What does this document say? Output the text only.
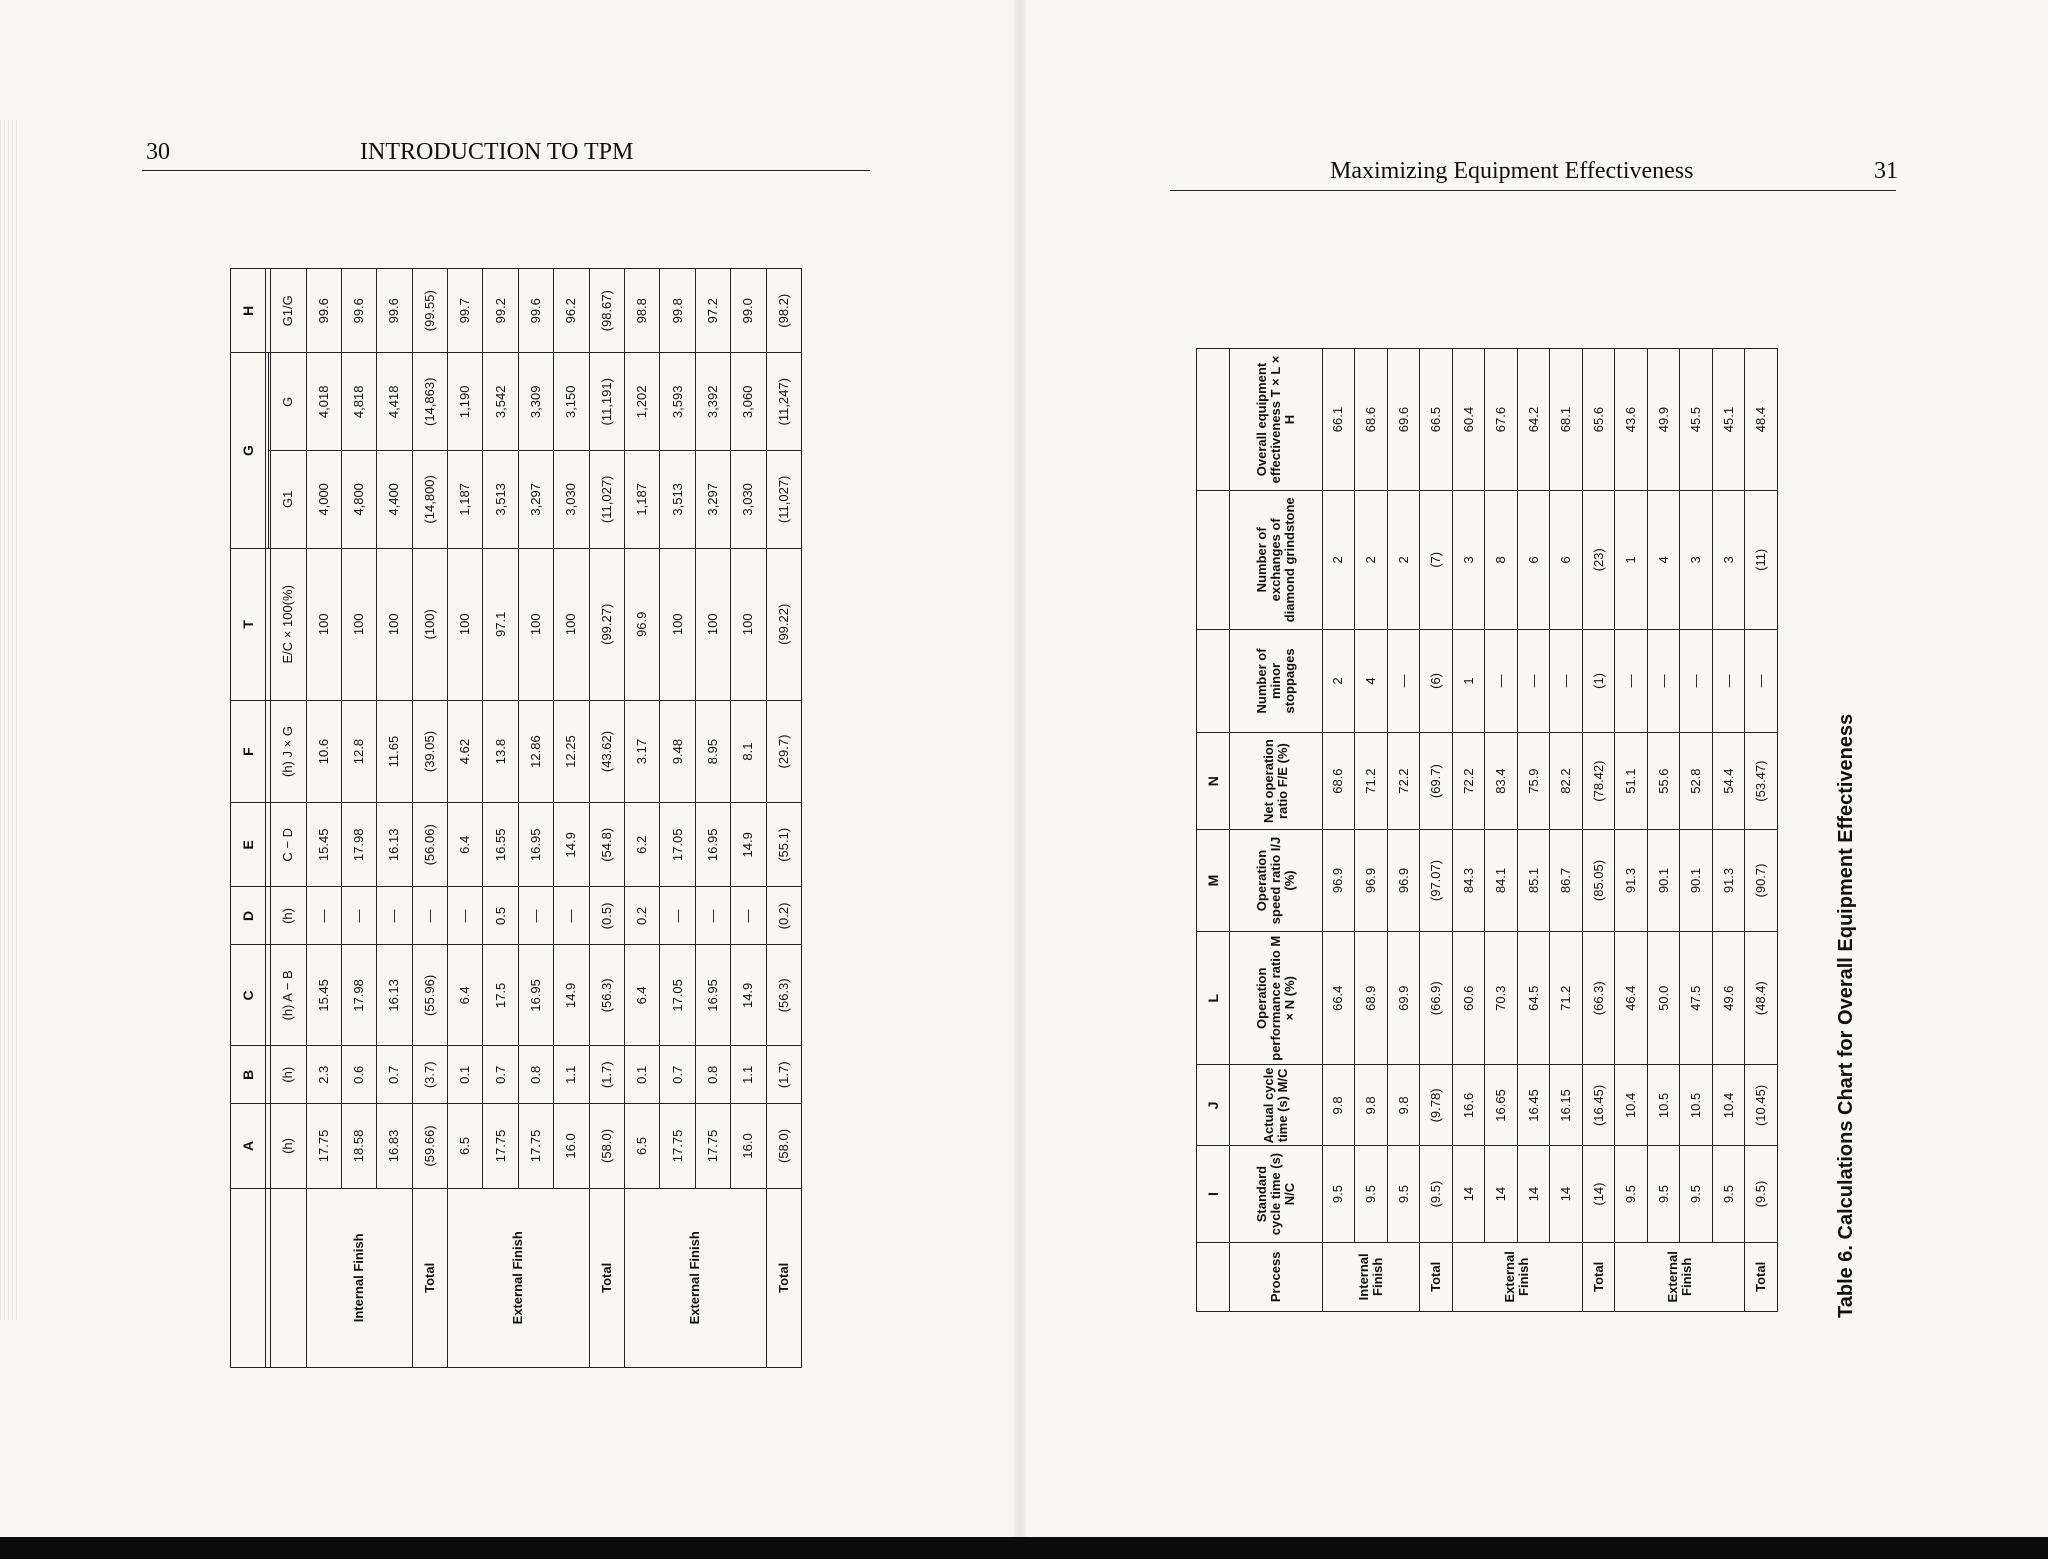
30	INTRODUCTION TO TPM
Maximizing Equipment Effectiveness	31
	A	B	C	D	E	F	T	G		H

	(h)	(h)	(h) A − B	(h)	C − D	(h) J × G	E/C × 100(%)	G1	G	G1/G
Internal Finish	17.75	2.3	15.45	—	15.45	10.6	100	4,000	4,018	99.6
	18.58	0.6	17.98	—	17.98	12.8	100	4,800	4,818	99.6
	16.83	0.7	16.13	—	16.13	11.65	100	4,400	4,418	99.6
Total	(59.66)	(3.7)	(55.96)	—	(56.06)	(39.05)	(100)	(14,800)	(14,863)	(99.55)
External Finish	6.5	0.1	6.4	—	6.4	4.62	100	1,187	1,190	99.7
	17.75	0.7	17.5	0.5	16.55	13.8	97.1	3,513	3,542	99.2
	17.75	0.8	16.95	—	16.95	12.86	100	3,297	3,309	99.6
	16.0	1.1	14.9	—	14.9	12.25	100	3,030	3,150	96.2
Total	(58.0)	(1.7)	(56.3)	(0.5)	(54.8)	(43.62)	(99.27)	(11,027)	(11,191)	(98.67)
External Finish	6.5	0.1	6.4	0.2	6.2	3.17	96.9	1,187	1,202	98.8
	17.75	0.7	17.05	—	17.05	9.48	100	3,513	3,593	99.8
	17.75	0.8	16.95	—	16.95	8.95	100	3,297	3,392	97.2
	16.0	1.1	14.9	—	14.9	8.1	100	3,030	3,060	99.0
Total	(58.0)	(1.7)	(56.3)	(0.2)	(55.1)	(29.7)	(99.22)	(11,027)	(11,247)	(98.2)
	I	J	L	M	N			
Process	Standard cycle time (s) N/C	Actual cycle time (s) M/C	Operation performance ratio M × N (%)	Operation speed ratio I/J (%)	Net operation ratio F/E (%)	Number of minor stoppages	Number of exchanges of diamond grindstone	Overall equipment effectiveness T × L × H
Internal Finish	9.5	9.8	66.4	96.9	68.6	2	2	66.1
	9.5	9.8	68.9	96.9	71.2	4	2	68.6
	9.5	9.8	69.9	96.9	72.2	—	2	69.6
Total	(9.5)	(9.78)	(66.9)	(97.07)	(69.7)	(6)	(7)	66.5
External Finish	14	16.6	60.6	84.3	72.2	1	3	60.4
	14	16.65	70.3	84.1	83.4	—	8	67.6
	14	16.45	64.5	85.1	75.9	—	6	64.2
	14	16.15	71.2	86.7	82.2	—	6	68.1
Total	(14)	(16.45)	(66.3)	(85.05)	(78.42)	(1)	(23)	65.6
External Finish	9.5	10.4	46.4	91.3	51.1	—	1	43.6
	9.5	10.5	50.0	90.1	55.6	—	4	49.9
	9.5	10.5	47.5	90.1	52.8	—	3	45.5
	9.5	10.4	49.6	91.3	54.4	—	3	45.1
Total	(9.5)	(10.45)	(48.4)	(90.7)	(53.47)	—	(11)	48.4
Table 6. Calculations Chart for Overall Equipment Effectiveness
